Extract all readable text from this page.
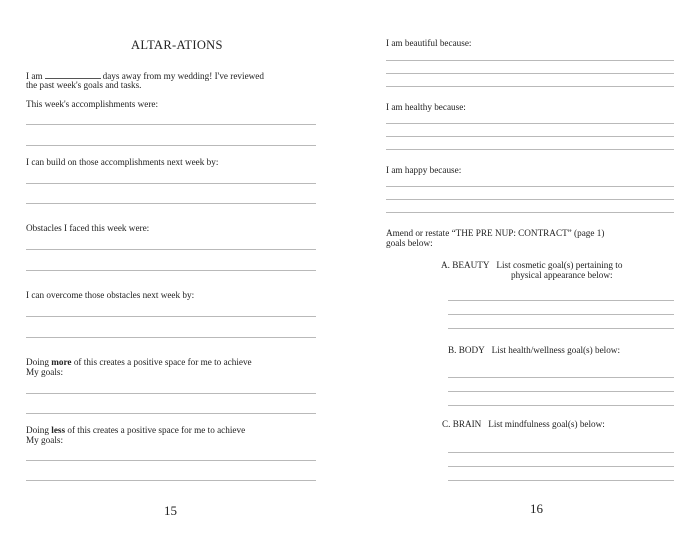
ALTAR-ATIONS
I am	days away from my wedding! I've reviewed
the past week's goals and tasks.
This week's accomplishments were:
I can build on those accomplishments next week by:
Obstacles I faced this week were:
I can overcome those obstacles next week by:
Doing more of this creates a positive space for me to achieve
My goals:
Doing less of this creates a positive space for me to achieve
My goals:
15
I am beautiful because:
I am healthy because:
I am happy because:
Amend or restate “THE PRE NUP: CONTRACT” (page 1)
goals below:
A. BEAUTY List cosmetic goal(s) pertaining to
physical appearance below:
B. BODY List health/wellness goal(s) below:
C. BRAIN List mindfulness goal(s) below:
16
